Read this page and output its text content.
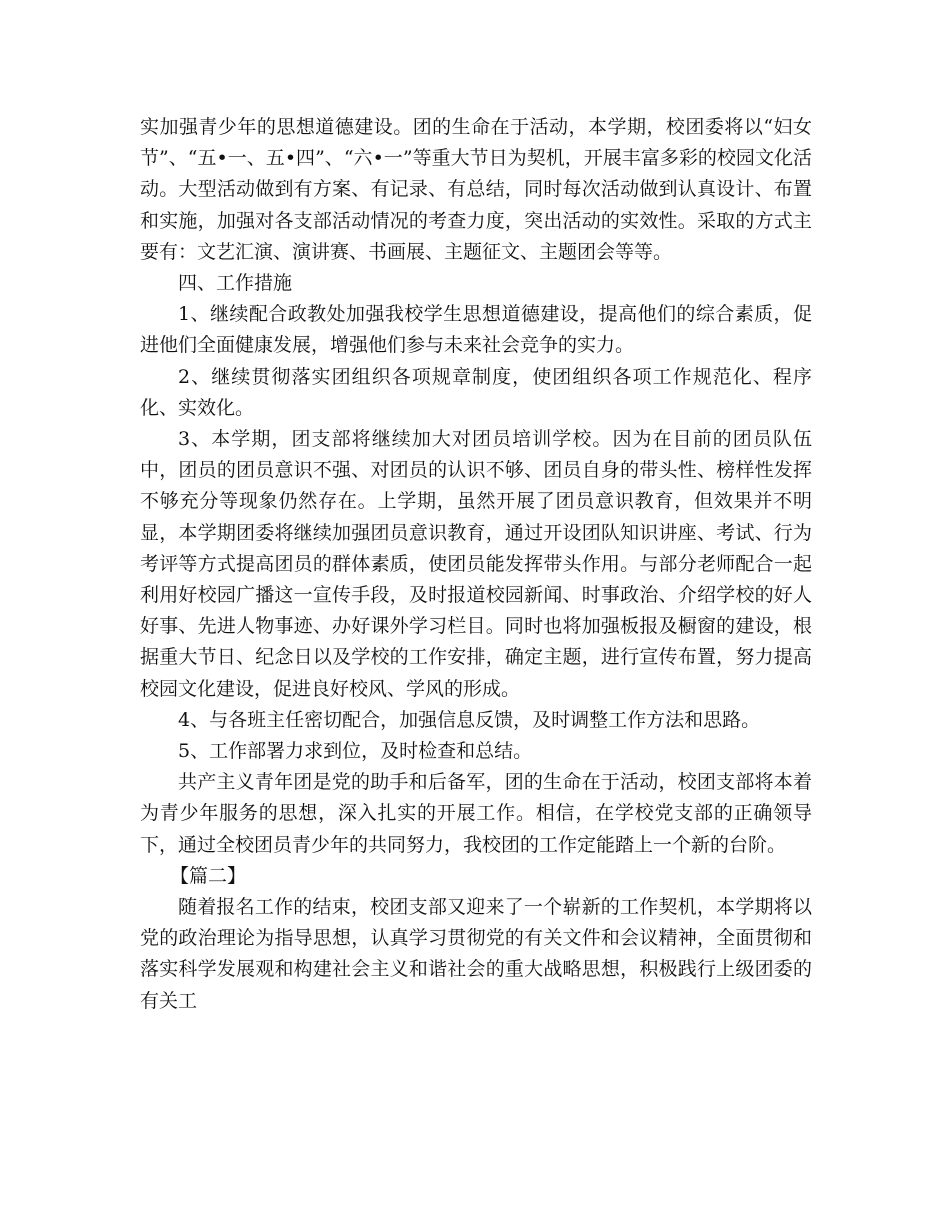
实加强青少年的思想道德建设。团的生命在于活动，本学期，校团委将以“妇女节”、“五•一、五•四”、“六•一”等重大节日为契机，开展丰富多彩的校园文化活动。大型活动做到有方案、有记录、有总结，同时每次活动做到认真设计、布置和实施，加强对各支部活动情况的考查力度，突出活动的实效性。采取的方式主要有：文艺汇演、演讲赛、书画展、主题征文、主题团会等等。

四、工作措施

1、继续配合政教处加强我校学生思想道德建设，提高他们的综合素质，促进他们全面健康发展，增强他们参与未来社会竞争的实力。

2、继续贯彻落实团组织各项规章制度，使团组织各项工作规范化、程序化、实效化。

3、本学期，团支部将继续加大对团员培训学校。因为在目前的团员队伍中，团员的团员意识不强、对团员的认识不够、团员自身的带头性、榜样性发挥不够充分等现象仍然存在。上学期，虽然开展了团员意识教育，但效果并不明显，本学期团委将继续加强团员意识教育，通过开设团队知识讲座、考试、行为考评等方式提高团员的群体素质，使团员能发挥带头作用。与部分老师配合一起利用好校园广播这一宣传手段，及时报道校园新闻、时事政治、介绍学校的好人好事、先进人物事迹、办好课外学习栏目。同时也将加强板报及橱窗的建设，根据重大节日、纪念日以及学校的工作安排，确定主题，进行宣传布置，努力提高校园文化建设，促进良好校风、学风的形成。

4、与各班主任密切配合，加强信息反馈，及时调整工作方法和思路。

5、工作部署力求到位，及时检查和总结。

共产主义青年团是党的助手和后备军，团的生命在于活动，校团支部将本着为青少年服务的思想，深入扎实的开展工作。相信，在学校党支部的正确领导下，通过全校团员青少年的共同努力，我校团的工作定能踏上一个新的台阶。

【篇二】

随着报名工作的结束，校团支部又迎来了一个崭新的工作契机，本学期将以党的政治理论为指导思想，认真学习贯彻党的有关文件和会议精神，全面贯彻和落实科学发展观和构建社会主义和谐社会的重大战略思想，积极践行上级团委的有关工
